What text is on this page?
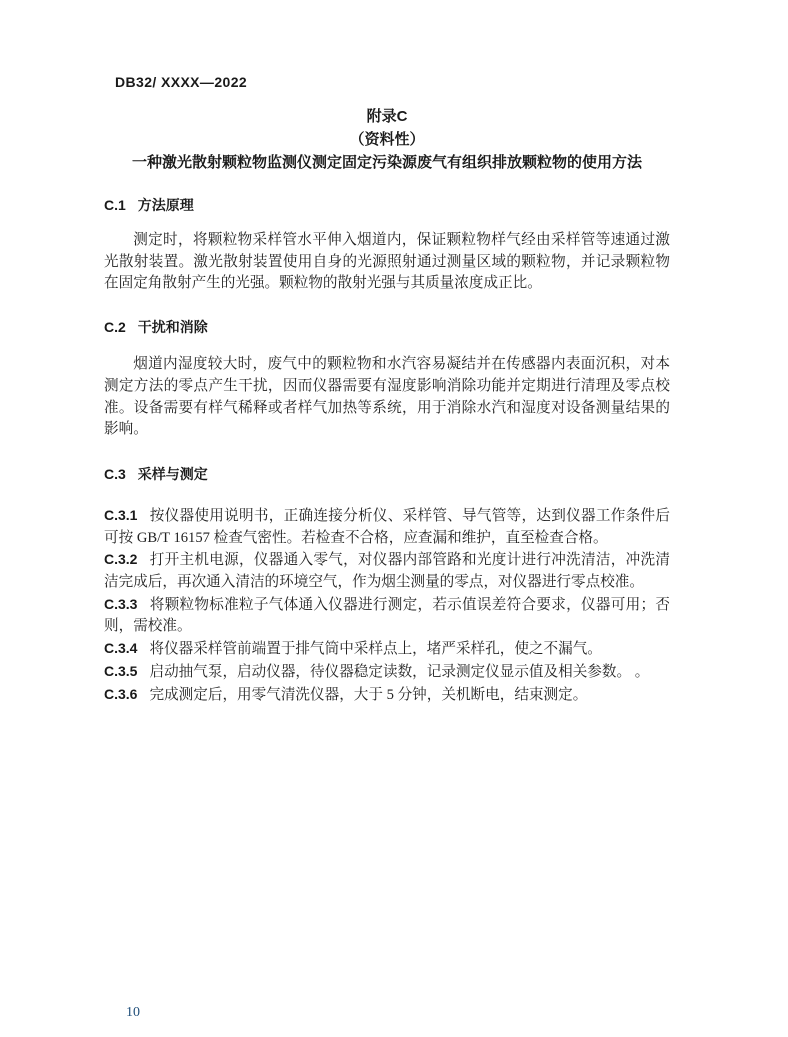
DB32/ XXXX—2022
附录C
（资料性）
一种激光散射颗粒物监测仪测定固定污染源废气有组织排放颗粒物的使用方法
C.1 方法原理

测定时，将颗粒物采样管水平伸入烟道内，保证颗粒物样气经由采样管等速通过激光散射装置。激光散射装置使用自身的光源照射通过测量区域的颗粒物，并记录颗粒物在固定角散射产生的光强。颗粒物的散射光强与其质量浓度成正比。

C.2 干扰和消除

烟道内湿度较大时，废气中的颗粒物和水汽容易凝结并在传感器内表面沉积，对本测定方法的零点产生干扰，因而仪器需要有湿度影响消除功能并定期进行清理及零点校准。设备需要有样气稀释或者样气加热等系统，用于消除水汽和湿度对设备测量结果的影响。

C.3 采样与测定

C.3.1 按仪器使用说明书，正确连接分析仪、采样管、导气管等，达到仪器工作条件后可按 GB/T 16157 检查气密性。若检查不合格，应查漏和维护，直至检查合格。

C.3.2 打开主机电源，仪器通入零气，对仪器内部管路和光度计进行冲洗清洁，冲洗清洁完成后，再次通入清洁的环境空气，作为烟尘测量的零点，对仪器进行零点校准。

C.3.3 将颗粒物标准粒子气体通入仪器进行测定，若示值误差符合要求，仪器可用；否则，需校准。

C.3.4 将仪器采样管前端置于排气筒中采样点上，堵严采样孔，使之不漏气。

C.3.5 启动抽气泵，启动仪器，待仪器稳定读数，记录测定仪显示值及相关参数。 。

C.3.6 完成测定后，用零气清洗仪器，大于 5 分钟，关机断电，结束测定。

10
